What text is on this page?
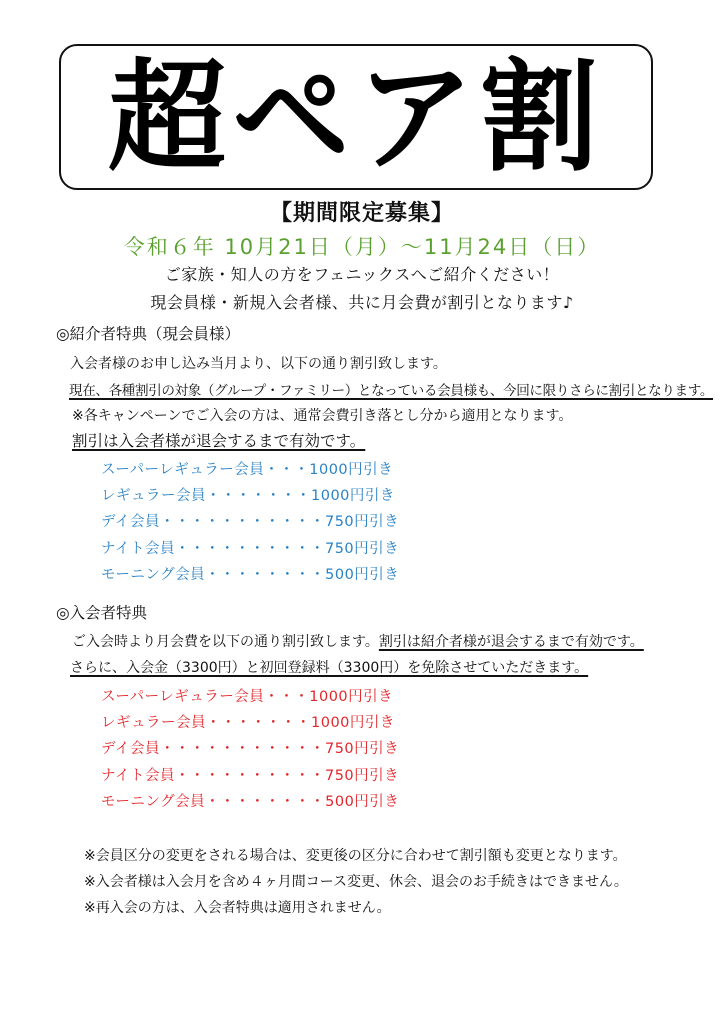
超ペア割
【期間限定募集】
令和６年 10月21日（月）～11月24日（日）
ご家族・知人の方をフェニックスへご紹介ください！
現会員様・新規入会者様、共に月会費が割引となります♪
◎紹介者特典（現会員様）
入会者様のお申し込み当月より、以下の通り割引致します。
現在、各種割引の対象（グループ・ファミリー）となっている会員様も、今回に限りさらに割引となります。
※各キャンペーンでご入会の方は、通常会費引き落とし分から適用となります。
割引は入会者様が退会するまで有効です。
スーパーレギュラー会員・・・1000円引き
レギュラー会員・・・・・・・1000円引き
デイ会員・・・・・・・・・・・750円引き
ナイト会員・・・・・・・・・・750円引き
モーニング会員・・・・・・・・500円引き
◎入会者特典
ご入会時より月会費を以下の通り割引致します。割引は紹介者様が退会するまで有効です。
さらに、入会金（3300円）と初回登録料（3300円）を免除させていただきます。
スーパーレギュラー会員・・・1000円引き
レギュラー会員・・・・・・・1000円引き
デイ会員・・・・・・・・・・・750円引き
ナイト会員・・・・・・・・・・750円引き
モーニング会員・・・・・・・・500円引き
※会員区分の変更をされる場合は、変更後の区分に合わせて割引額も変更となります。
※入会者様は入会月を含め４ヶ月間コース変更、休会、退会のお手続きはできません。
※再入会の方は、入会者特典は適用されません。
